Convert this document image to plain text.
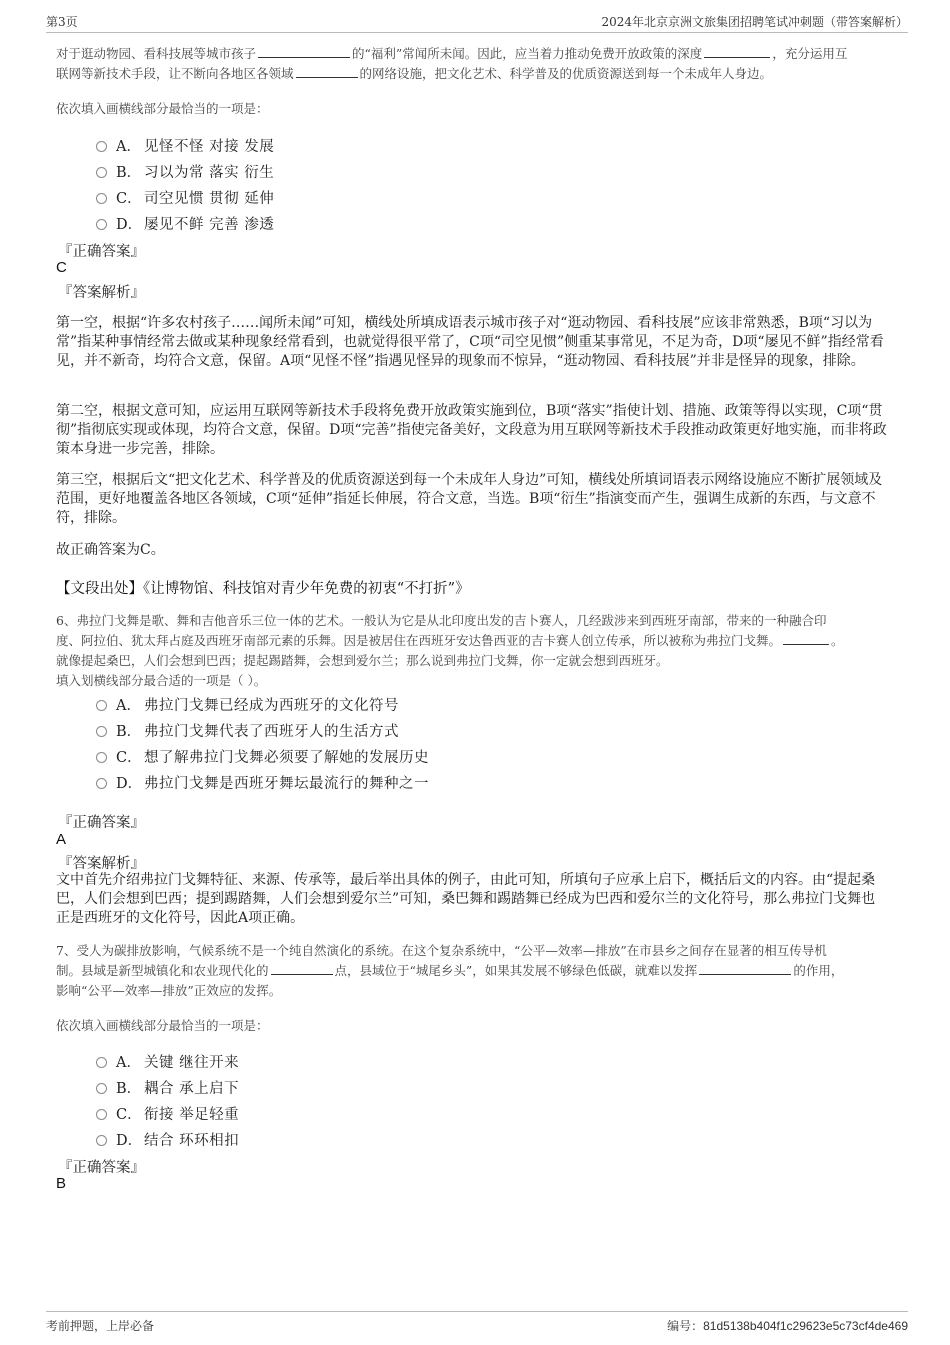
第3页	2024年北京京洲文旅集团招聘笔试冲刺题（带答案解析）
对于逛动物园、看科技展等城市孩子	的“福利”常闻所未闻。因此，应当着力推动免费开放政策的深度	，充分运用互
联网等新技术手段，让不断向各地区各领域	的网络设施，把文化艺术、科学普及的优质资源送到每一个未成年人身边。
依次填入画横线部分最恰当的一项是：
A． 见怪不怪 对接 发展
B． 习以为常 落实 衍生
C． 司空见惯 贯彻 延伸
D． 屡见不鲜 完善 渗透
『正确答案』
C
『答案解析』
第一空，根据“许多农村孩子……闻所未闻”可知，横线处所填成语表示城市孩子对“逛动物园、看科技展”应该非常熟悉，B项“习以为常”指某种事情经常去做或某种现象经常看到，也就觉得很平常了，C项“司空见惯”侧重某事常见，不足为奇，D项“屡见不鲜”指经常看见，并不新奇，均符合文意，保留。A项“见怪不怪”指遇见怪异的现象而不惊异，“逛动物园、看科技展”并非是怪异的现象，排除。
第二空，根据文意可知，应运用互联网等新技术手段将免费开放政策实施到位，B项“落实”指使计划、措施、政策等得以实现，C项“贯彻”指彻底实现或体现，均符合文意，保留。D项“完善”指使完备美好，文段意为用互联网等新技术手段推动政策更好地实施，而非将政策本身进一步完善，排除。
第三空，根据后文“把文化艺术、科学普及的优质资源送到每一个未成年人身边”可知，横线处所填词语表示网络设施应不断扩展领域及范围，更好地覆盖各地区各领域，C项“延伸”指延长伸展，符合文意，当选。B项“衍生”指演变而产生，强调生成新的东西，与文意不符，排除。
故正确答案为C。
【文段出处】《让博物馆、科技馆对青少年免费的初衷“不打折”》
6、弗拉门戈舞是歌、舞和吉他音乐三位一体的艺术。一般认为它是从北印度出发的吉卜赛人，几经跋涉来到西班牙南部，带来的一种融合印
度、阿拉伯、犹太拜占庭及西班牙南部元素的乐舞。因是被居住在西班牙安达鲁西亚的吉卡赛人创立传承，所以被称为弗拉门戈舞。	。
就像提起桑巴，人们会想到巴西；提起踢踏舞，会想到爱尔兰；那么说到弗拉门戈舞，你一定就会想到西班牙。
填入划横线部分最合适的一项是（ ）。
A． 弗拉门戈舞已经成为西班牙的文化符号
B． 弗拉门戈舞代表了西班牙人的生活方式
C． 想了解弗拉门戈舞必须要了解她的发展历史
D． 弗拉门戈舞是西班牙舞坛最流行的舞种之一
『正确答案』
A
『答案解析』
文中首先介绍弗拉门戈舞特征、来源、传承等，最后举出具体的例子，由此可知，所填句子应承上启下，概括后文的内容。由“提起桑巴，人们会想到巴西；提到踢踏舞，人们会想到爱尔兰”可知，桑巴舞和踢踏舞已经成为巴西和爱尔兰的文化符号，那么弗拉门戈舞也正是西班牙的文化符号，因此A项正确。
7、受人为碳排放影响，气候系统不是一个纯自然演化的系统。在这个复杂系统中，“公平—效率—排放”在市县乡之间存在显著的相互传导机
制。县域是新型城镇化和农业现代化的	点，县域位于“城尾乡头”，如果其发展不够绿色低碳，就难以发挥	的作用，
影响“公平—效率—排放”正效应的发挥。
依次填入画横线部分最恰当的一项是：
A． 关键 继往开来
B． 耦合 承上启下
C． 衔接 举足轻重
D． 结合 环环相扣
『正确答案』
B
考前押题，上岸必备	编号：81d5138b404f1c29623e5c73cf4de469
